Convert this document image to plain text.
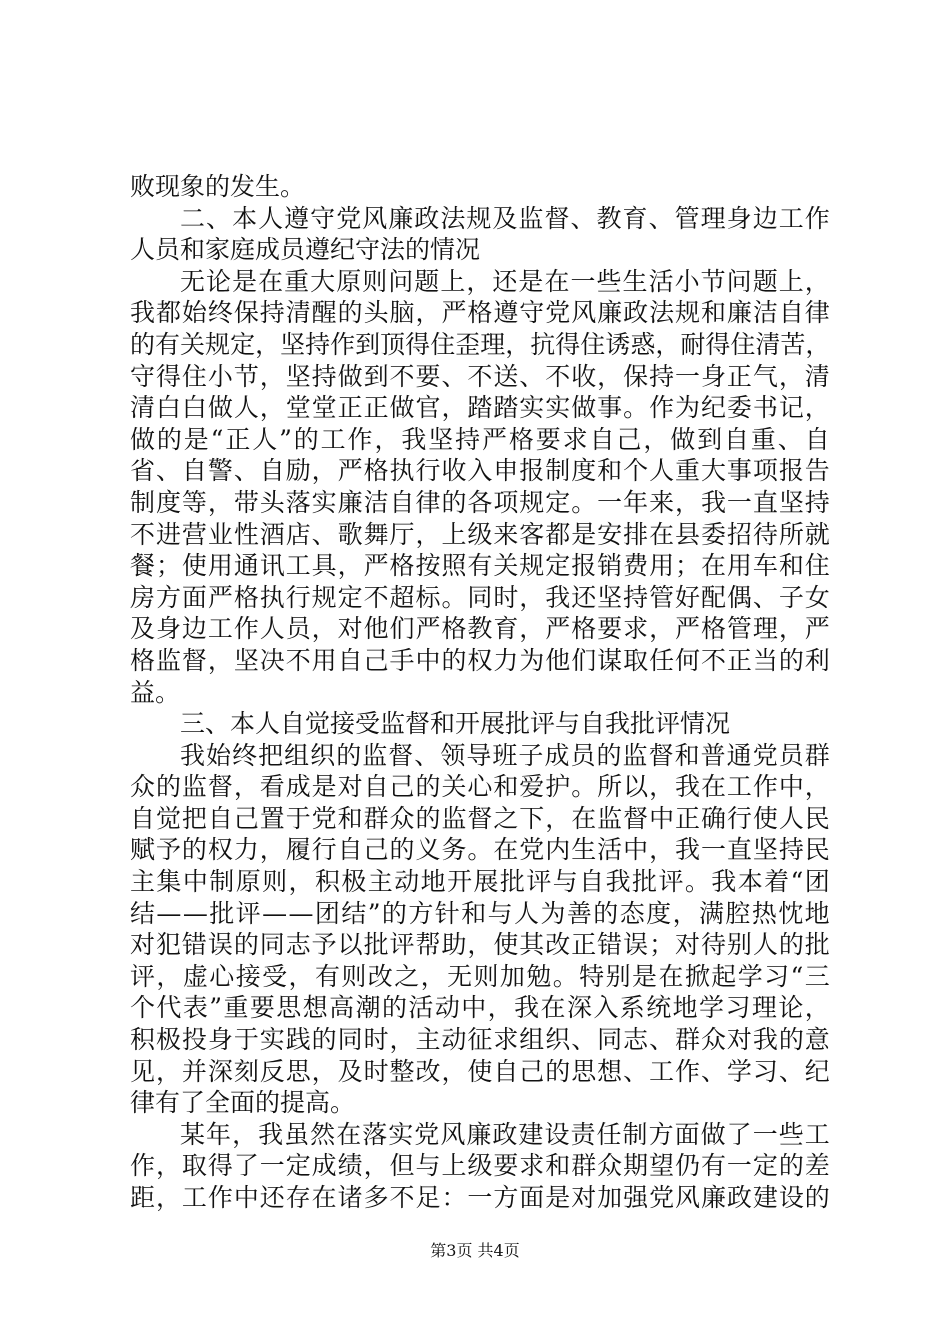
败现象的发生。
二 、 本 人 遵 守 党 风 廉 政 法 规 及 监 督 、 教 育 、 管 理 身 边 工 作
人员和家庭成员遵纪守法的情况
无 论 是 在 重 大 原 则 问 题 上 ， 还 是 在 一 些 生 活 小 节 问 题 上 ，
我 都 始 终 保 持 清 醒 的 头 脑 ， 严 格 遵 守 党 风 廉 政 法 规 和 廉 洁 自 律
的 有 关 规 定 ， 坚 持 作 到 顶 得 住 歪 理 ， 抗 得 住 诱 惑 ， 耐 得 住 清 苦 ，
守 得 住 小 节 ， 坚 持 做 到 不 要 、 不 送 、 不 收 ， 保 持 一 身 正 气 ， 清
清 白 白 做 人 ， 堂 堂 正 正 做 官 ， 踏 踏 实 实 做 事 。 作 为 纪 委 书 记 ，
做 的 是 “ 正 人 ” 的 工 作 ， 我 坚 持 严 格 要 求 自 己 ， 做 到 自 重 、 自
省 、 自 警 、 自 励 ， 严 格 执 行 收 入 申 报 制 度 和 个 人 重 大 事 项 报 告
制 度 等 ， 带 头 落 实 廉 洁 自 律 的 各 项 规 定 。 一 年 来 ， 我 一 直 坚 持
不 进 营 业 性 酒 店 、 歌 舞 厅 ， 上 级 来 客 都 是 安 排 在 县 委 招 待 所 就
餐 ； 使 用 通 讯 工 具 ， 严 格 按 照 有 关 规 定 报 销 费 用 ； 在 用 车 和 住
房 方 面 严 格 执 行 规 定 不 超 标 。 同 时 ， 我 还 坚 持 管 好 配 偶 、 子 女
及 身 边 工 作 人 员 ， 对 他 们 严 格 教 育 ， 严 格 要 求 ， 严 格 管 理 ， 严
格 监 督 ， 坚 决 不 用 自 己 手 中 的 权 力 为 他 们 谋 取 任 何 不 正 当 的 利
益。
三、本人自觉接受监督和开展批评与自我批评情况
我 始 终 把 组 织 的 监 督 、 领 导 班 子 成 员 的 监 督 和 普 通 党 员 群
众 的 监 督 ， 看 成 是 对 自 己 的 关 心 和 爱 护 。 所 以 ， 我 在 工 作 中 ，
自 觉 把 自 己 置 于 党 和 群 众 的 监 督 之 下 ， 在 监 督 中 正 确 行 使 人 民
赋 予 的 权 力 ， 履 行 自 己 的 义 务 。 在 党 内 生 活 中 ， 我 一 直 坚 持 民
主 集 中 制 原 则 ， 积 极 主 动 地 开 展 批 评 与 自 我 批 评 。 我 本 着 “ 团
结 — — 批 评 — — 团 结 ” 的 方 针 和 与 人 为 善 的 态 度 ， 满 腔 热 忱 地
对 犯 错 误 的 同 志 予 以 批 评 帮 助 ， 使 其 改 正 错 误 ； 对 待 别 人 的 批
评 ， 虚 心 接 受 ， 有 则 改 之 ， 无 则 加 勉 。 特 别 是 在 掀 起 学 习 “ 三
个 代 表 ” 重 要 思 想 高 潮 的 活 动 中 ， 我 在 深 入 系 统 地 学 习 理 论 ，
积 极 投 身 于 实 践 的 同 时 ， 主 动 征 求 组 织 、 同 志 、 群 众 对 我 的 意
见 ， 并 深 刻 反 思 ， 及 时 整 改 ， 使 自 己 的 思 想 、 工 作 、 学 习 、 纪
律有了全面的提高。
某 年 ， 我 虽 然 在 落 实 党 风 廉 政 建 设 责 任 制 方 面 做 了 一 些 工
作 ， 取 得 了 一 定 成 绩 ， 但 与 上 级 要 求 和 群 众 期 望 仍 有 一 定 的 差
距 ， 工 作 中 还 存 在 诸 多 不 足 ： 一 方 面 是 对 加 强 党 风 廉 政 建 设 的
第3页 共4页
